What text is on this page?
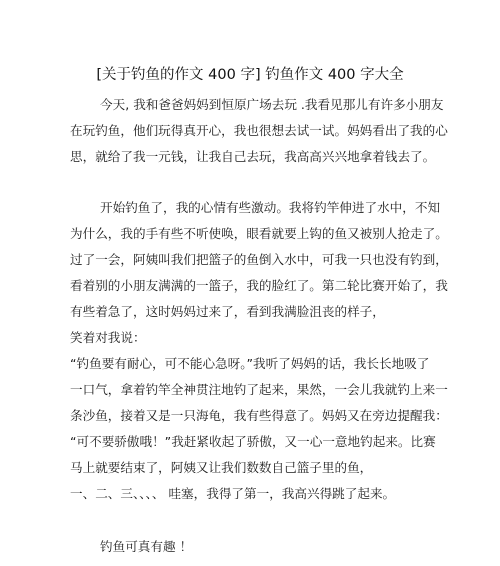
[关于钓鱼的作文 400 字] 钓鱼作文 400 字大全
今天, 我和爸爸妈妈到恒原广场去玩 .我看见那儿有许多小朋友
在玩钓鱼，他们玩得真开心，我也很想去试一试。妈妈看出了我的心
思，就给了我一元钱，让我自己去玩，我高高兴兴地拿着钱去了。
开始钓鱼了，我的心情有些激动。我将钓竿伸进了水中，不知
为什么，我的手有些不听使唤，眼看就要上钩的鱼又被别人抢走了。
过了一会，阿姨叫我们把篮子的鱼倒入水中，可我一只也没有钓到，
看着别的小朋友满满的一篮子，我的脸红了。第二轮比赛开始了，我
有些着急了，这时妈妈过来了，看到我满脸沮丧的样子，
笑着对我说：
“钓鱼要有耐心，可不能心急呀。”我听了妈妈的话，我长长地吸了
一口气，拿着钓竿全神贯注地钓了起来，果然，一会儿我就钓上来一
条沙鱼，接着又是一只海龟，我有些得意了。妈妈又在旁边提醒我：
“可不要骄傲哦！”我赶紧收起了骄傲，又一心一意地钓起来。比赛
马上就要结束了，阿姨又让我们数数自己篮子里的鱼，
一、二、三、、、、 哇塞，我得了第一，我高兴得跳了起来。
钓鱼可真有趣 ！
